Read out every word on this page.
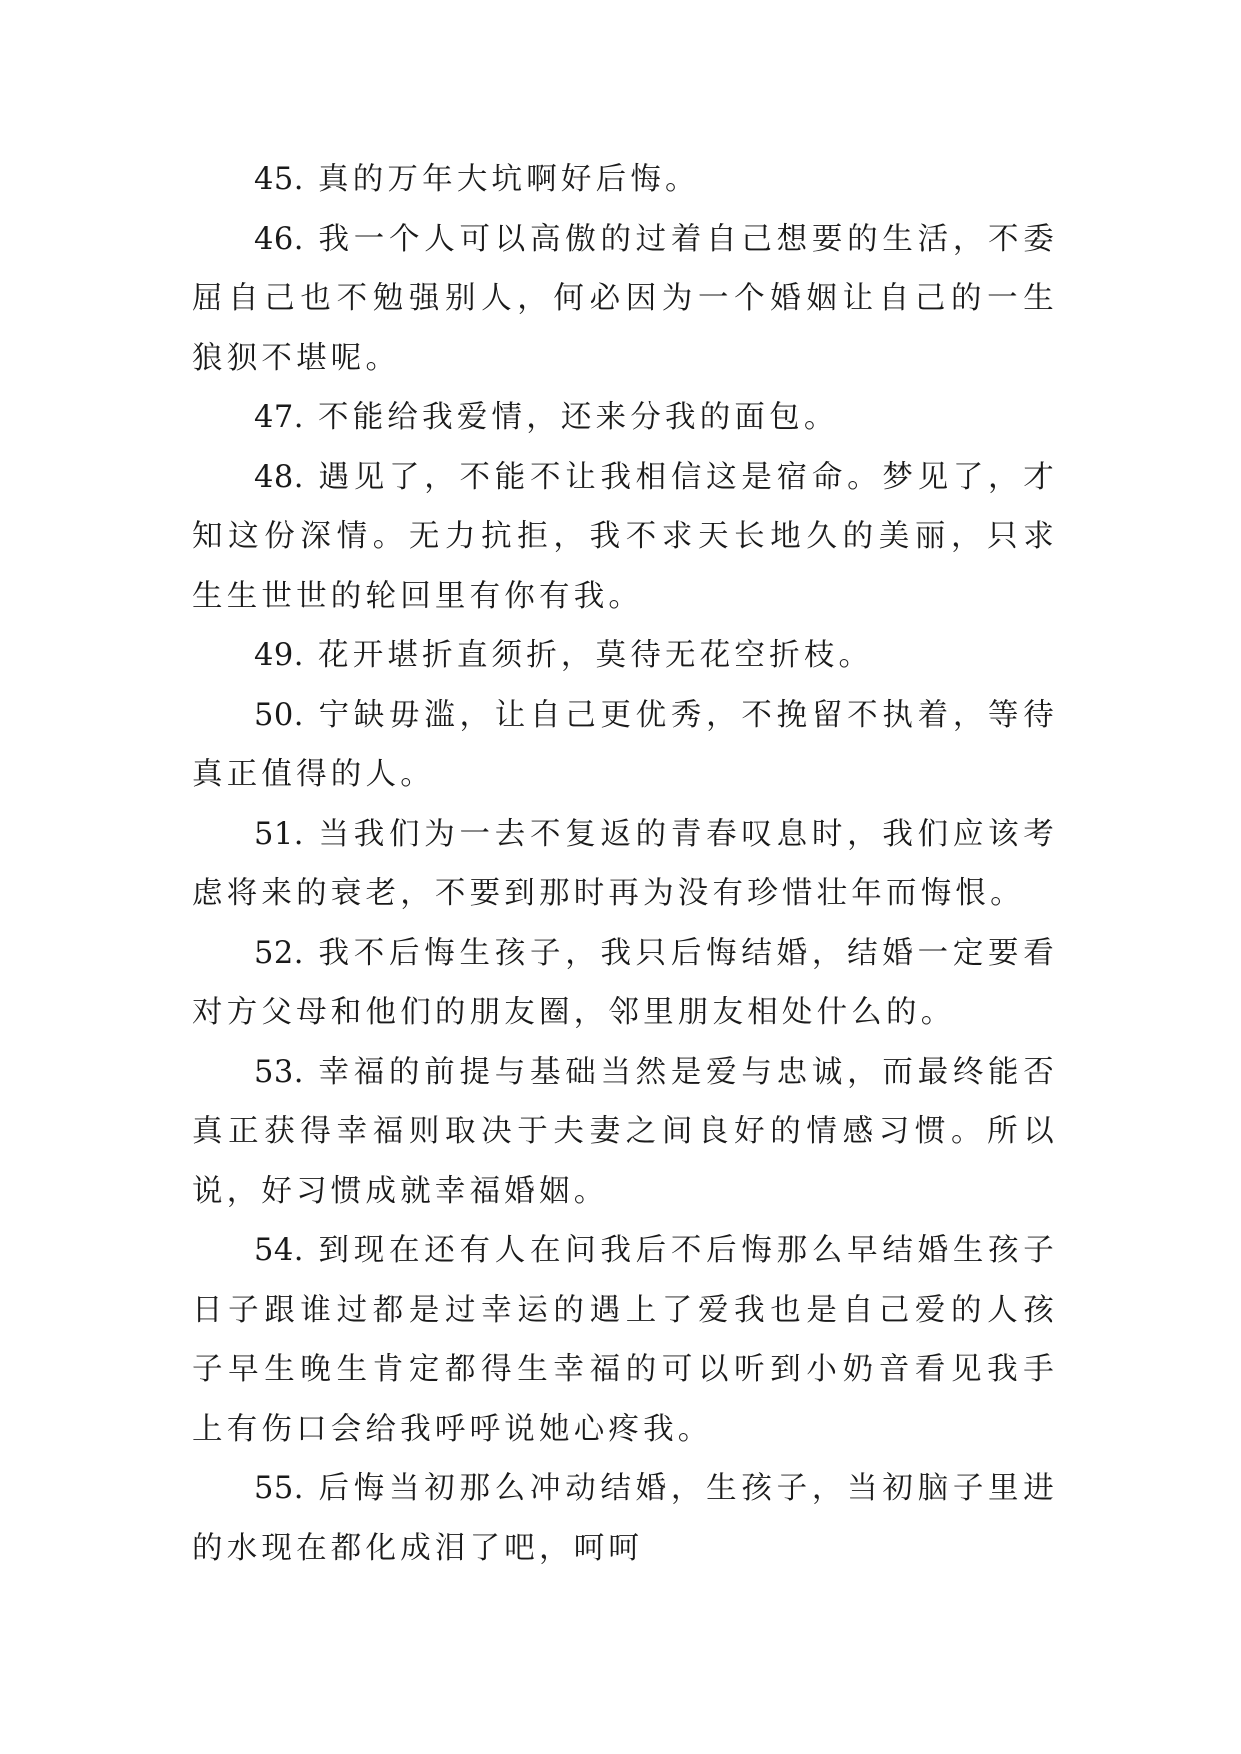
45. 真的万年大坑啊好后悔。

46. 我一个人可以高傲的过着自己想要的生活，不委屈自己也不勉强别人，何必因为一个婚姻让自己的一生狼狈不堪呢。

47. 不能给我爱情，还来分我的面包。

48. 遇见了，不能不让我相信这是宿命。梦见了，才知这份深情。无力抗拒，我不求天长地久的美丽，只求生生世世的轮回里有你有我。

49. 花开堪折直须折，莫待无花空折枝。

50. 宁缺毋滥，让自己更优秀，不挽留不执着，等待真正值得的人。

51. 当我们为一去不复返的青春叹息时，我们应该考虑将来的衰老，不要到那时再为没有珍惜壮年而悔恨。

52. 我不后悔生孩子，我只后悔结婚，结婚一定要看对方父母和他们的朋友圈，邻里朋友相处什么的。

53. 幸福的前提与基础当然是爱与忠诚，而最终能否真正获得幸福则取决于夫妻之间良好的情感习惯。所以说，好习惯成就幸福婚姻。

54. 到现在还有人在问我后不后悔那么早结婚生孩子日子跟谁过都是过幸运的遇上了爱我也是自己爱的人孩子早生晚生肯定都得生幸福的可以听到小奶音看见我手上有伤口会给我呼呼说她心疼我。

55. 后悔当初那么冲动结婚，生孩子，当初脑子里进的水现在都化成泪了吧，呵呵
